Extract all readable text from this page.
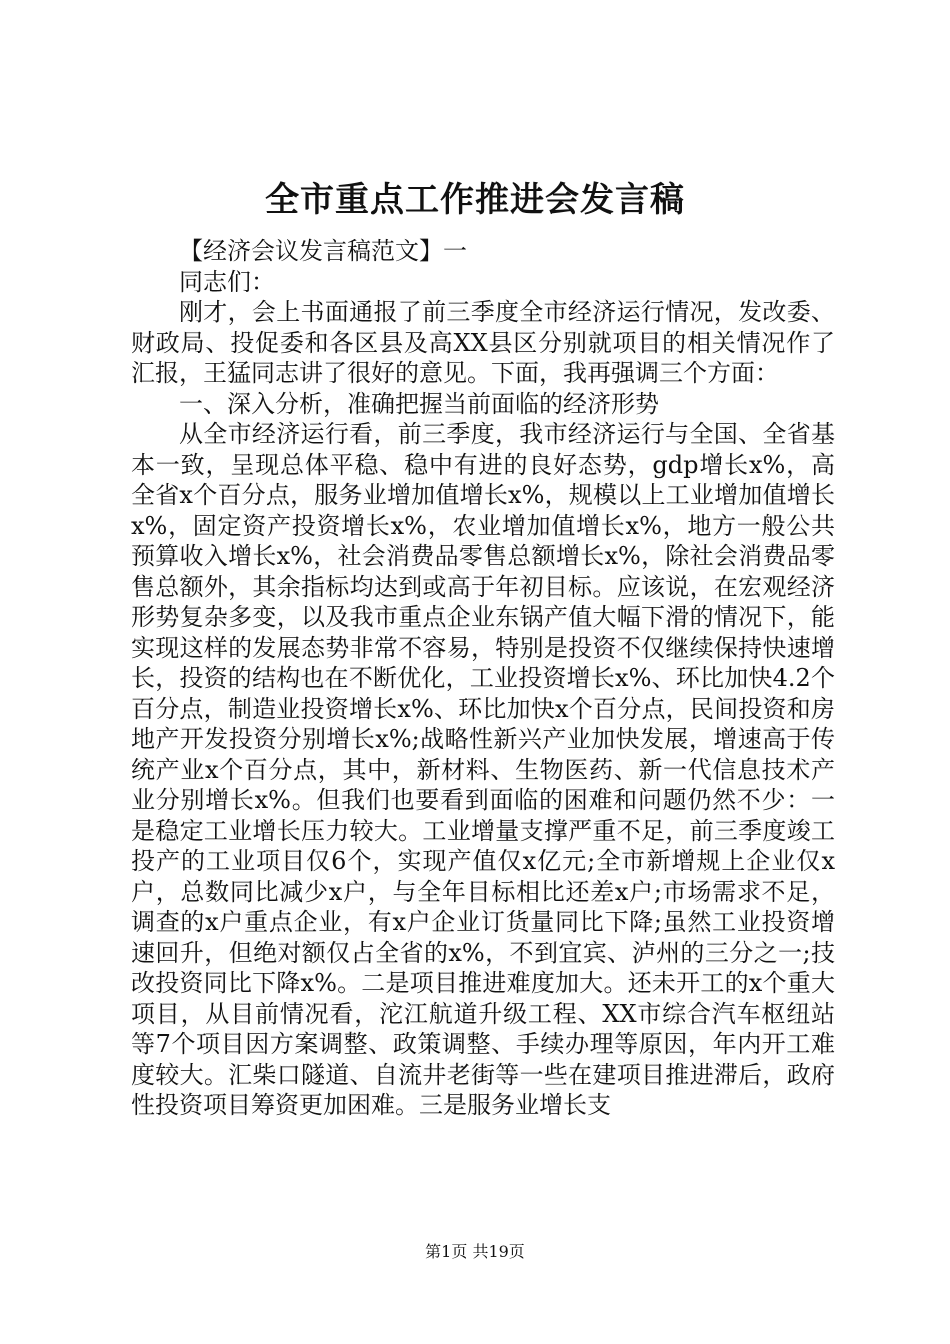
全市重点工作推进会发言稿

【经济会议发言稿范文】一

同志们：

刚才，会上书面通报了前三季度全市经济运行情况，发改委、财政局、投促委和各区县及高XX县区分别就项目的相关情况作了汇报，王猛同志讲了很好的意见。下面，我再强调三个方面：

一、深入分析，准确把握当前面临的经济形势

从全市经济运行看，前三季度，我市经济运行与全国、全省基本一致，呈现总体平稳、稳中有进的良好态势，gdp增长x%，高全省x个百分点，服务业增加值增长x%，规模以上工业增加值增长x%，固定资产投资增长x%，农业增加值增长x%，地方一般公共预算收入增长x%，社会消费品零售总额增长x%，除社会消费品零售总额外，其余指标均达到或高于年初目标。应该说，在宏观经济形势复杂多变，以及我市重点企业东锅产值大幅下滑的情况下，能实现这样的发展态势非常不容易，特别是投资不仅继续保持快速增长，投资的结构也在不断优化，工业投资增长x%、环比加快4.2个百分点，制造业投资增长x%、环比加快x个百分点，民间投资和房地产开发投资分别增长x%;战略性新兴产业加快发展，增速高于传统产业x个百分点，其中，新材料、生物医药、新一代信息技术产业分别增长x%。但我们也要看到面临的困难和问题仍然不少：一是稳定工业增长压力较大。工业增量支撑严重不足，前三季度竣工投产的工业项目仅6个，实现产值仅x亿元;全市新增规上企业仅x户，总数同比减少x户，与全年目标相比还差x户;市场需求不足，调查的x户重点企业，有x户企业订货量同比下降;虽然工业投资增速回升，但绝对额仅占全省的x%，不到宜宾、泸州的三分之一;技改投资同比下降x%。二是项目推进难度加大。还未开工的x个重大项目，从目前情况看，沱江航道升级工程、XX市综合汽车枢纽站等7个项目因方案调整、政策调整、手续办理等原因，年内开工难度较大。汇柴口隧道、自流井老街等一些在建项目推进滞后，政府性投资项目筹资更加困难。三是服务业增长支

第1页 共19页
